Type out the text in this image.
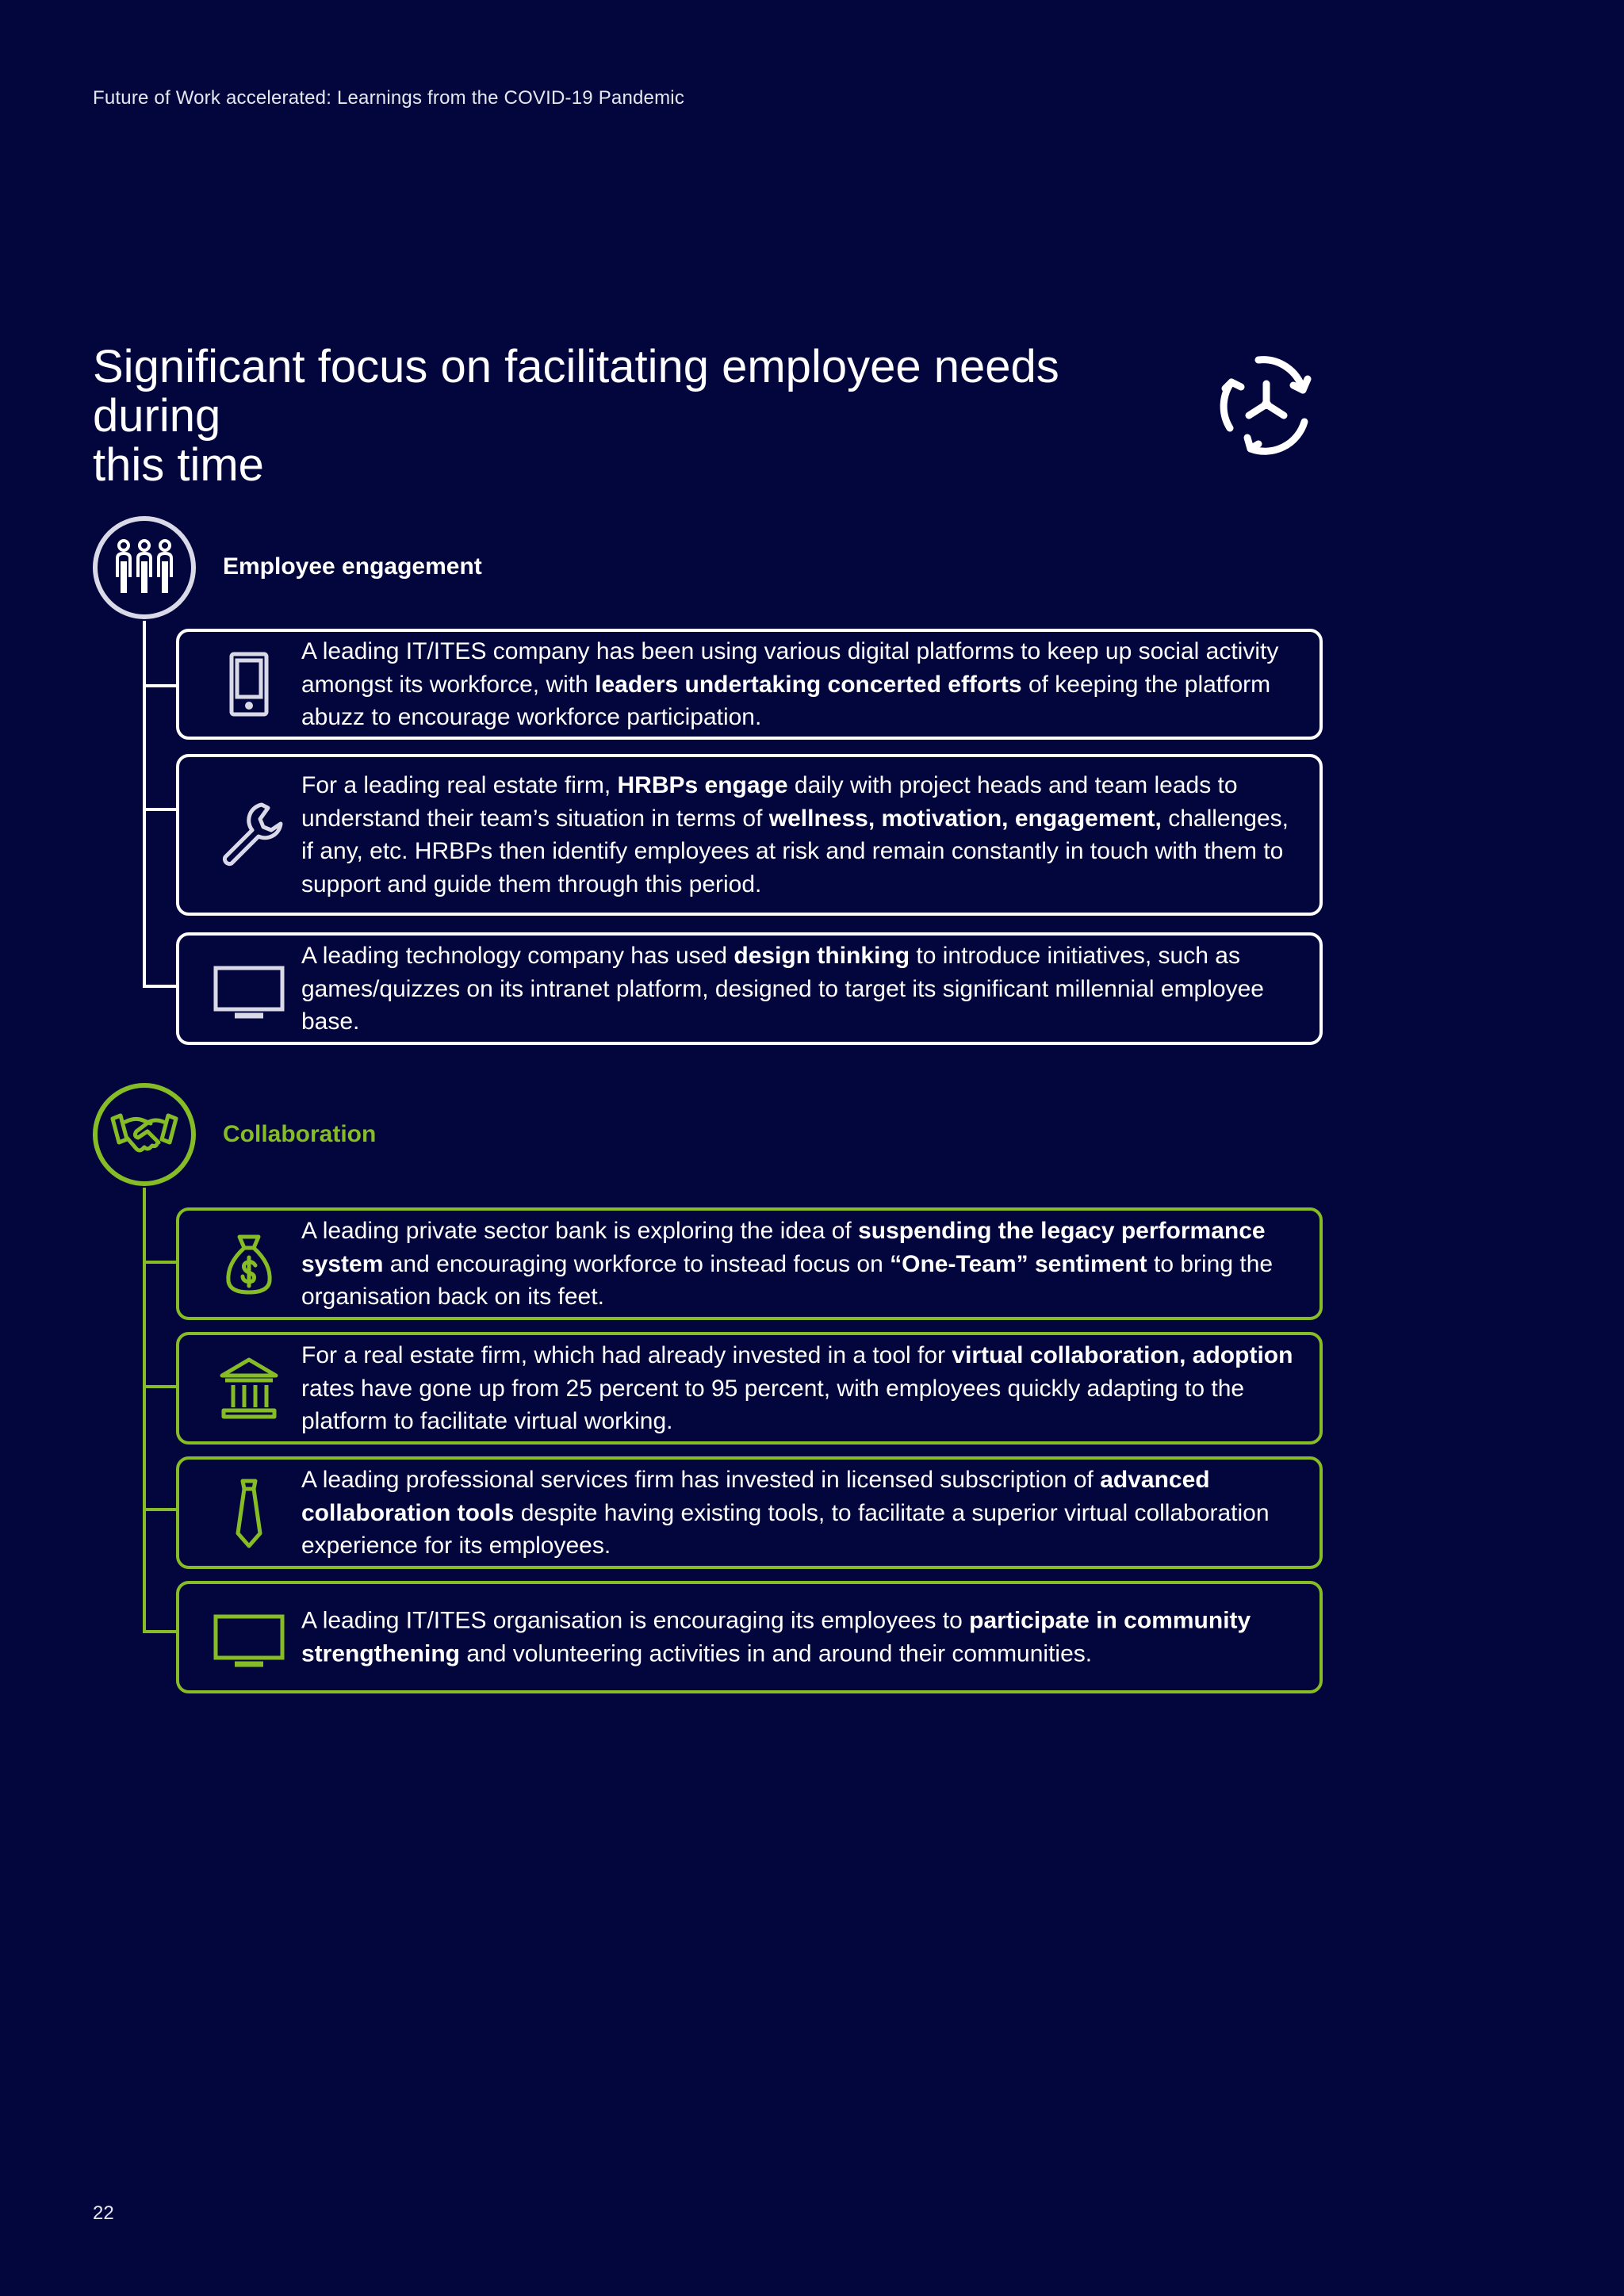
Future of Work accelerated: Learnings from the COVID-19 Pandemic
Significant focus on facilitating employee needs during
this time
Employee engagement
A leading IT/ITES company has been using various digital platforms to keep up social activity amongst its workforce, with leaders undertaking concerted efforts of keeping the platform abuzz to encourage workforce participation.
For a leading real estate firm, HRBPs engage daily with project heads and team leads to understand their team’s situation in terms of wellness, motivation, engagement, challenges, if any, etc. HRBPs then identify employees at risk and remain constantly in touch with them to support and guide them through this period.
A leading technology company has used design thinking to introduce initiatives, such as games/quizzes on its intranet platform, designed to target its significant millennial employee base.
Collaboration
A leading private sector bank is exploring the idea of suspending the legacy performance system and encouraging workforce to instead focus on “One-Team” sentiment to bring the organisation back on its feet.
For a real estate firm, which had already invested in a tool for virtual collaboration, adoption rates have gone up from 25 percent to 95 percent, with employees quickly adapting to the platform to facilitate virtual working.
A leading professional services firm has invested in licensed subscription of advanced collaboration tools despite having existing tools, to facilitate a superior virtual collaboration experience for its employees.
A leading IT/ITES organisation is encouraging its employees to participate in community strengthening and volunteering activities in and around their communities.
22
